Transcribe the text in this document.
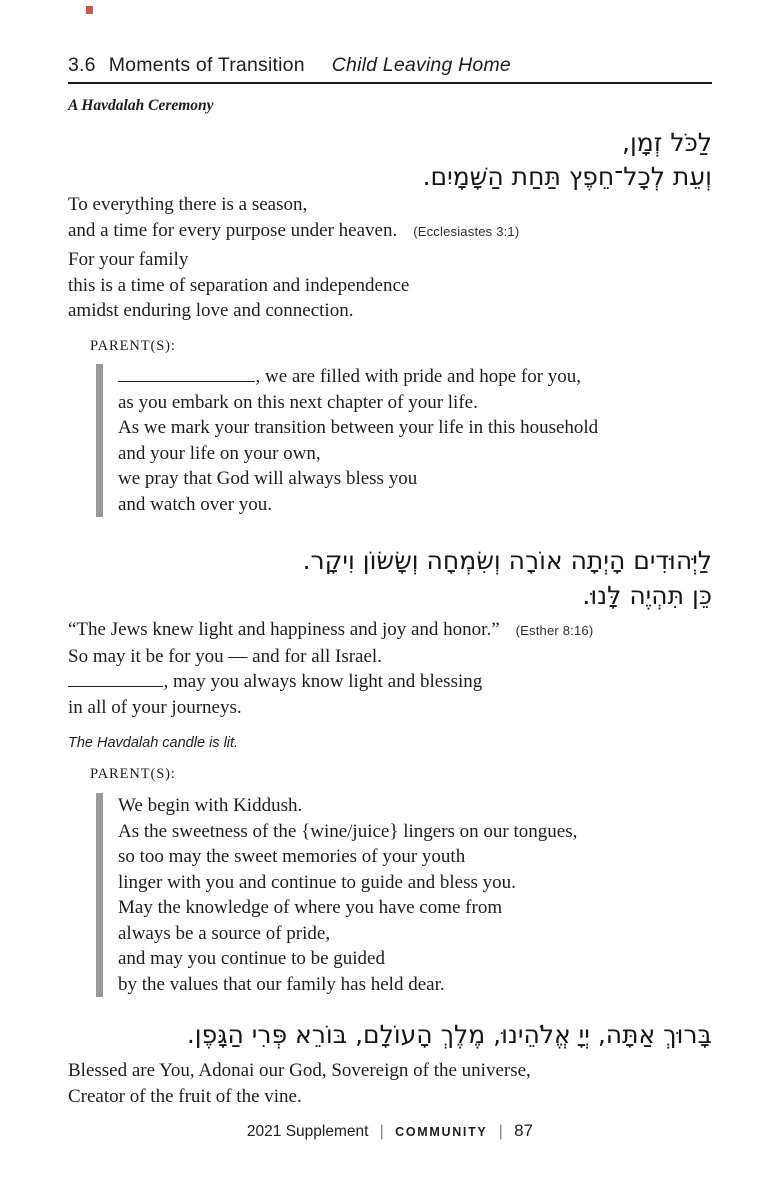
3.6 Moments of Transition Child Leaving Home
A Havdalah Ceremony
לַכֹּל זְמָן,
וְעֵת לְכָל־חֵפֶץ תַּחַת הַשָּׁמָיִם.
To everything there is a season,
and a time for every purpose under heaven. (Ecclesiastes 3:1)
For your family
this is a time of separation and independence
amidst enduring love and connection.
PARENT(S):
, we are filled with pride and hope for you,
as you embark on this next chapter of your life.
As we mark your transition between your life in this household
and your life on your own,
we pray that God will always bless you
and watch over you.
לַיְּהוּדִים הָיְתָה אוֹרָה וְשִׂמְחָה וְשָׂשׂוֹן וִיקָר.
כֵּן תִּהְיֶה לָּנוּ.
“The Jews knew light and happiness and joy and honor.” (Esther 8:16)
So may it be for you — and for all Israel.
, may you always know light and blessing
in all of your journeys.
The Havdalah candle is lit.
PARENT(S):
We begin with Kiddush.
As the sweetness of the {wine/juice} lingers on our tongues,
so too may the sweet memories of your youth
linger with you and continue to guide and bless you.
May the knowledge of where you have come from
always be a source of pride,
and may you continue to be guided
by the values that our family has held dear.
בָּרוּךְ אַתָּה, יְיָ אֱלֹהֵינוּ, מֶלֶךְ הָעוֹלָם, בּוֹרֵא פְּרִי הַגָּפֶן.
Blessed are You, Adonai our God, Sovereign of the universe,
Creator of the fruit of the vine.
2021 Supplement | COMMUNITY | 87
